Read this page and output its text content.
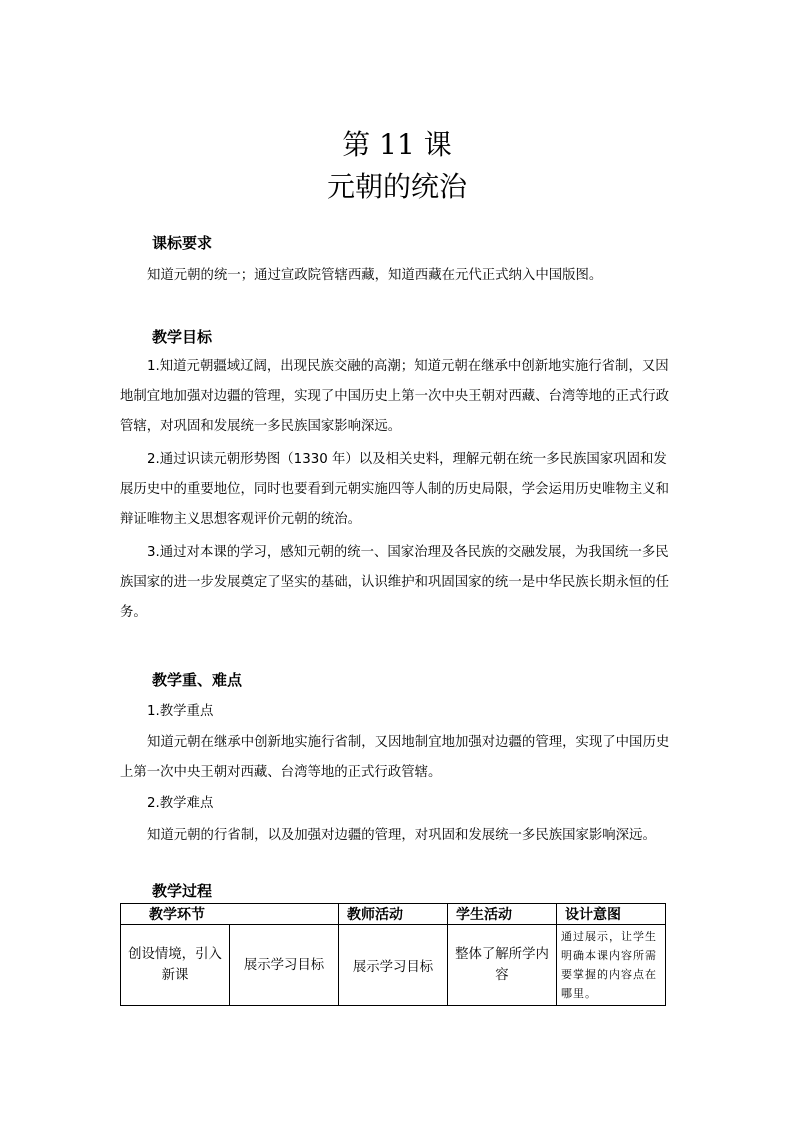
第 11 课
元朝的统治
课标要求
知道元朝的统一；通过宣政院管辖西藏，知道西藏在元代正式纳入中国版图。
教学目标
1.知道元朝疆域辽阔，出现民族交融的高潮；知道元朝在继承中创新地实施行省制，又因地制宜地加强对边疆的管理，实现了中国历史上第一次中央王朝对西藏、台湾等地的正式行政管辖，对巩固和发展统一多民族国家影响深远。
2.通过识读元朝形势图（1330 年）以及相关史料，理解元朝在统一多民族国家巩固和发展历史中的重要地位，同时也要看到元朝实施四等人制的历史局限，学会运用历史唯物主义和辩证唯物主义思想客观评价元朝的统治。
3.通过对本课的学习，感知元朝的统一、国家治理及各民族的交融发展，为我国统一多民族国家的进一步发展奠定了坚实的基础，认识维护和巩固国家的统一是中华民族长期永恒的任务。
教学重、难点
1.教学重点
知道元朝在继承中创新地实施行省制，又因地制宜地加强对边疆的管理，实现了中国历史上第一次中央王朝对西藏、台湾等地的正式行政管辖。
2.教学难点
知道元朝的行省制，以及加强对边疆的管理，对巩固和发展统一多民族国家影响深远。
教学过程
教学环节		教师活动	学生活动	设计意图
创设情境，引入新课	展示学习目标	展示学习目标	整体了解所学内容	通过展示，让学生明确本课内容所需要掌握的内容点在哪里。
